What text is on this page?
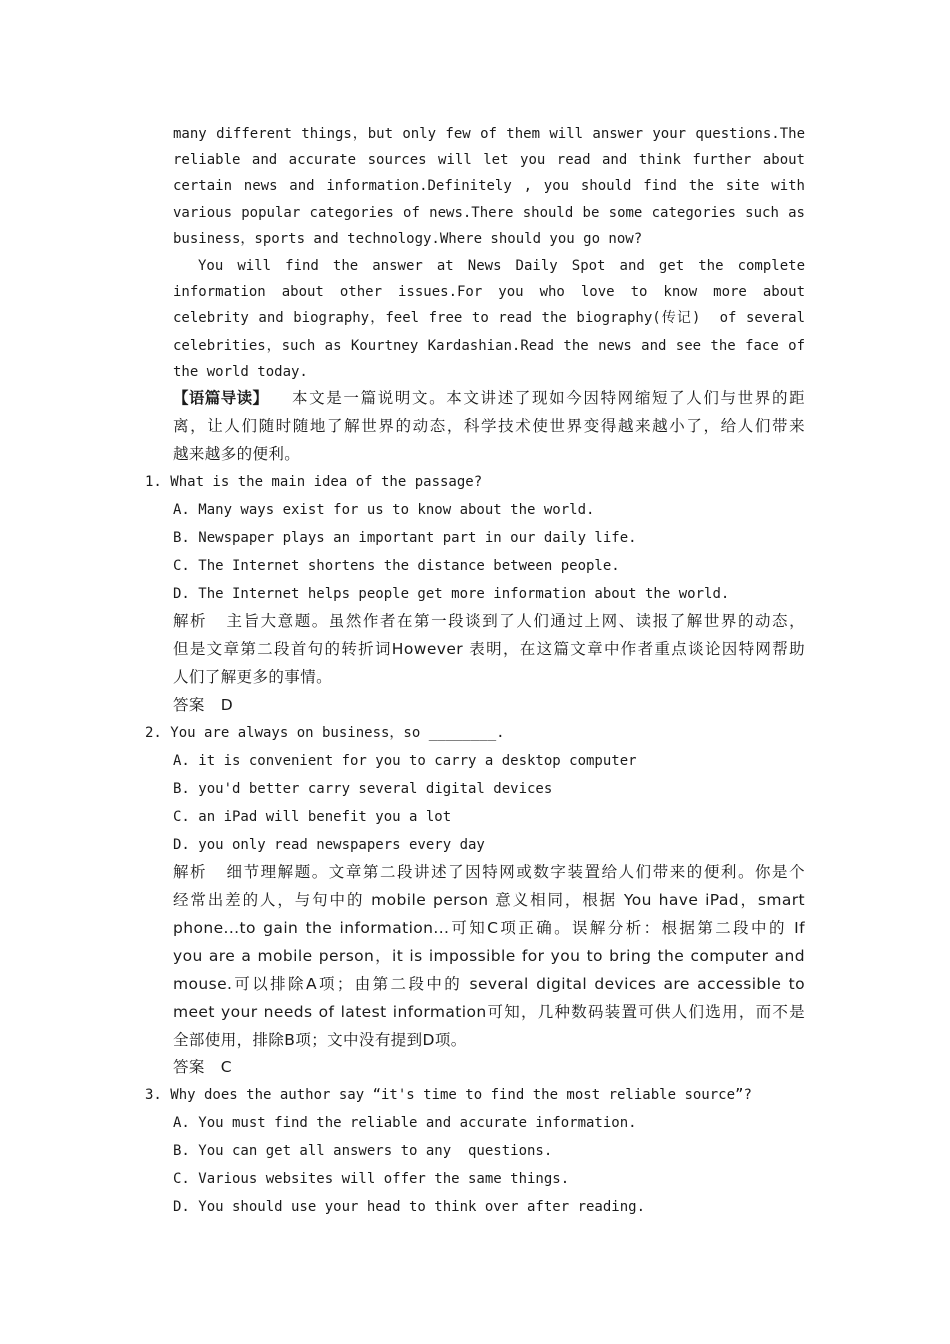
many different things，but only few of them will answer your questions.The
reliable and accurate sources will let you read and think further about
certain news and information.Definitely , you should find the site with
various popular categories of news.There should be some categories such as
business，sports and technology.Where should you go now?
You will find the answer at News Daily Spot and get the complete
information about other issues.For you who love to know more about
celebrity and biography，feel free to read the biography(传记)  of several
celebrities，such as Kourtney Kardashian.Read the news and see the face of
the world today.
【语篇导读】 本文是一篇说明文。本文讲述了现如今因特网缩短了人们与世界的距
离，让人们随时随地了解世界的动态，科学技术使世界变得越来越小了，给人们带来
越来越多的便利。
1. What is the main idea of the passage?
A. Many ways exist for us to know about the world.
B. Newspaper plays an important part in our daily life.
C. The Internet shortens the distance between people.
D. The Internet helps people get more information about the world.
解析   主旨大意题。虽然作者在第一段谈到了人们通过上网、读报了解世界的动态，
但是文章第二段首句的转折词However 表明，在这篇文章中作者重点谈论因特网帮助
人们了解更多的事情。
答案   D
2. You are always on business，so ________.
A. it is convenient for you to carry a desktop computer
B. you'd better carry several digital devices
C. an iPad will benefit you a lot
D. you only read newspapers every day
解析   细节理解题。文章第二段讲述了因特网或数字装置给人们带来的便利。你是个
经常出差的人，与句中的 mobile person 意义相同，根据 You have iPad，smart
phone...to gain the information...可知C项正确。误解分析：根据第二段中的 If
you are a mobile person，it is impossible for you to bring the computer and
mouse.可以排除A项；由第二段中的 several digital devices are accessible to
meet your needs of latest information可知，几种数码装置可供人们选用，而不是
全部使用，排除B项；文中没有提到D项。
答案   C
3. Why does the author say “it's time to find the most reliable source”?
A. You must find the reliable and accurate information.
B. You can get all answers to any  questions.
C. Various websites will offer the same things.
D. You should use your head to think over after reading.
